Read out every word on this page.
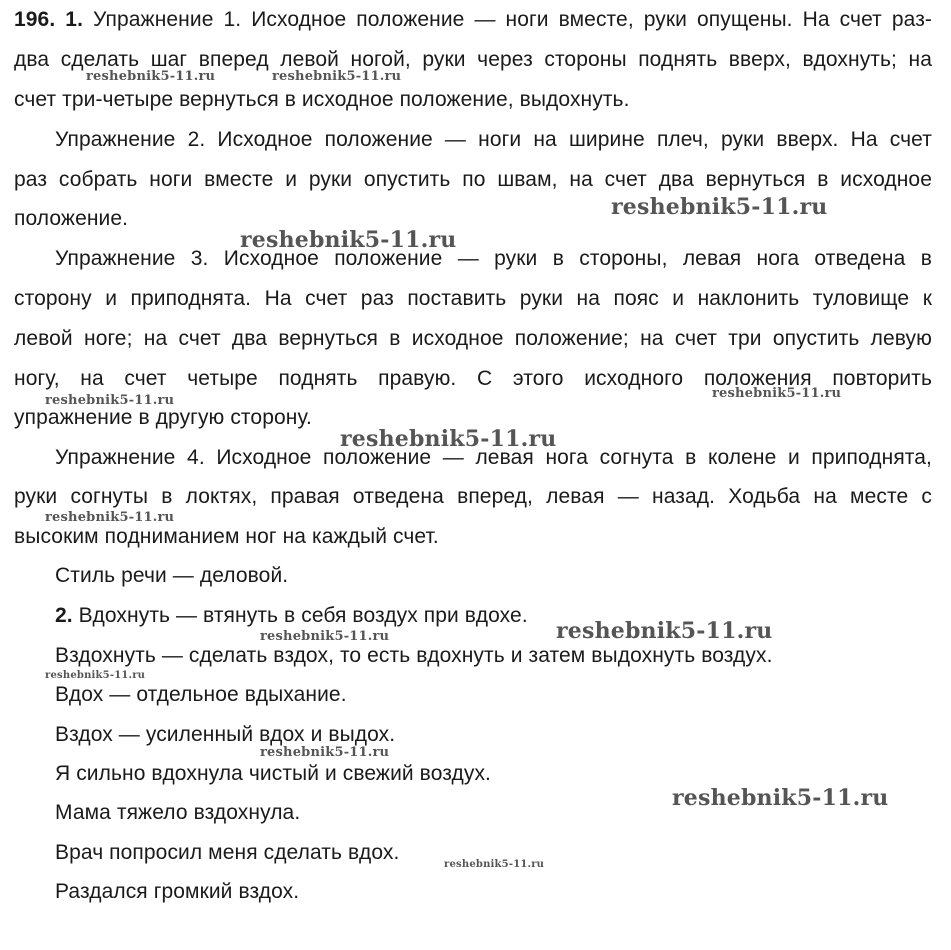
196. 1. Упражнение 1. Исходное положение — ноги вместе, руки опущены. На счет раз-
два сделать шаг вперед левой ногой, руки через стороны поднять вверх, вдохнуть; на
счет три-четыре вернуться в исходное положение, выдохнуть.
Упражнение 2. Исходное положение — ноги на ширине плеч, руки вверх. На счет
раз собрать ноги вместе и руки опустить по швам, на счет два вернуться в исходное
положение.
Упражнение 3. Исходное положение — руки в стороны, левая нога отведена в
сторону и приподнята. На счет раз поставить руки на пояс и наклонить туловище к
левой ноге; на счет два вернуться в исходное положение; на счет три опустить левую
ногу, на счет четыре поднять правую. С этого исходного положения повторить
упражнение в другую сторону.
Упражнение 4. Исходное положение — левая нога согнута в колене и приподнята,
руки согнуты в локтях, правая отведена вперед, левая — назад. Ходьба на месте с
высоким подниманием ног на каждый счет.
Стиль речи — деловой.
2. Вдохнуть — втянуть в себя воздух при вдохе.
Вздохнуть — сделать вздох, то есть вдохнуть и затем выдохнуть воздух.
Вдох — отдельное вдыхание.
Вздох — усиленный вдох и выдох.
Я сильно вдохнула чистый и свежий воздух.
Мама тяжело вздохнула.
Врач попросил меня сделать вдох.
Раздался громкий вздох.
reshebnik5-11.ru	reshebnik5-11.ru
reshebnik5-11.ru
reshebnik5-11.ru
reshebnik5-11.ru	reshebnik5-11.ru
reshebnik5-11.ru
reshebnik5-11.ru
reshebnik5-11.ru
reshebnik5-11.ru
reshebnik5-11.ru
reshebnik5-11.ru
reshebnik5-11.ru
reshebnik5-11.ru
